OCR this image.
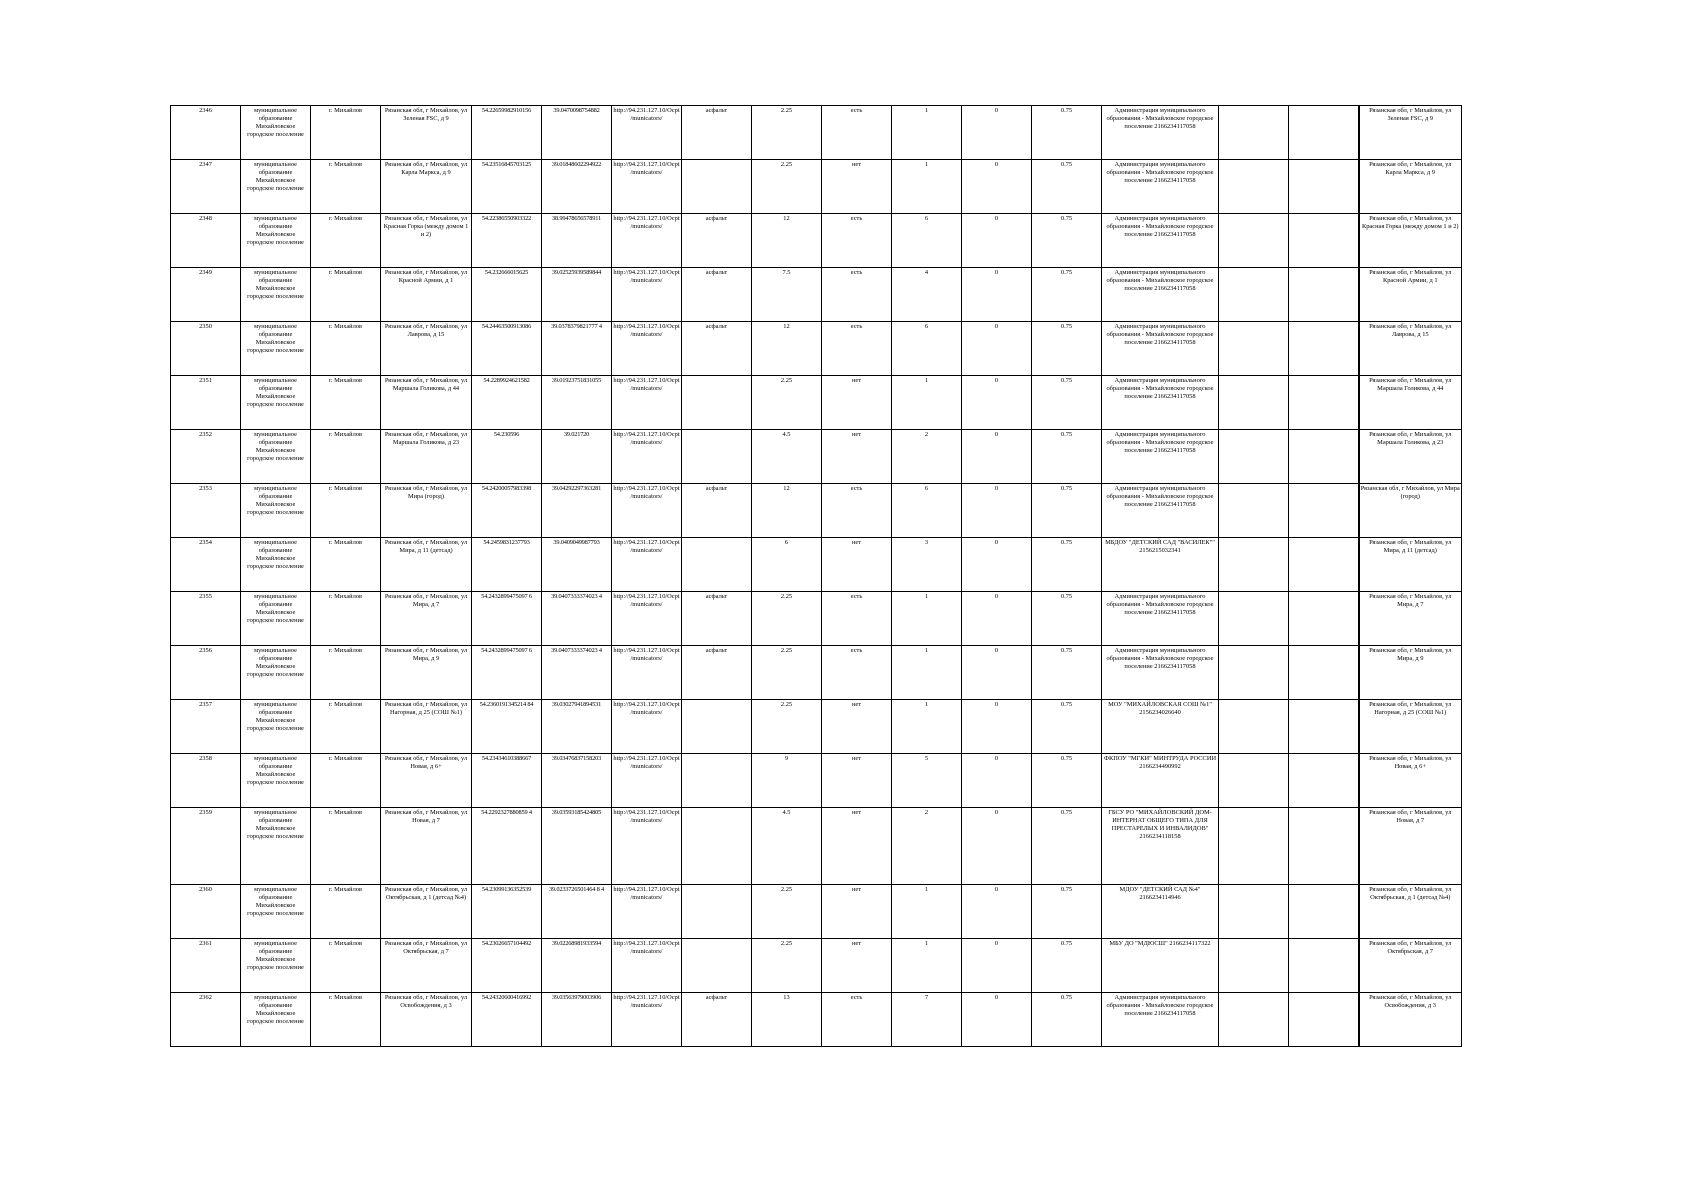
2346	муниципальное образование Михайловское городское поселение	г. Михайлов	Рязанская обл, г Михайлов, ул Зеленая FSC, д 9	54.22659982910156	39.0470098754882	http://94.231.127.10/Ocpt/municators/	асфальт	2.25	есть	1	0	0.75	Администрация муниципального образования - Михайловское городское поселение 2166234117058			Рязанская обл, г Михайлов, ул Зеленая FSC, д 9
2347	муниципальное образование Михайловское городское поселение	г. Михайлов	Рязанская обл, г Михайлов, ул Карла Маркса, д 9	54.23516845703125	39.01848602294922	http://94.231.127.10/Ocpt/municators/		2.25	нет	1	0	0.75	Администрация муниципального образования - Михайловское городское поселение 2166234117058			Рязанская обл, г Михайлов, ул Карла Маркса, д 9
2348	муниципальное образование Михайловское городское поселение	г. Михайлов	Рязанская обл, г Михайлов, ул Красная Горка (между домом 1 и 2)	54.22386550903322	38.99478656578911	http://94.231.127.10/Ocpt/municators/	асфальт	12	есть	6	0	0.75	Администрация муниципального образования - Михайловское городское поселение 2166234117058			Рязанская обл, г Михайлов, ул Красная Горка (между домом 1 и 2)
2349	муниципальное образование Михайловское городское поселение	г. Михайлов	Рязанская обл, г Михайлов, ул Красной Армии, д 1	54.232666015625	39.02525939589844	http://94.231.127.10/Ocpt/municators/	асфальт	7.5	есть	4	0	0.75	Администрация муниципального образования - Михайловское городское поселение 2166234117058			Рязанская обл, г Михайлов, ул Красной Армии, д 1
2350	муниципальное образование Михайловское городское поселение	г. Михайлов	Рязанская обл, г Михайлов, ул Лаврова, д 15	54.24463500913086	39.0378379821777 4	http://94.231.127.10/Ocpt/municators/	асфальт	12	есть	6	0	0.75	Администрация муниципального образования - Михайловское городское поселение 2166234117058			Рязанская обл, г Михайлов, ул Лаврова, д 15
2351	муниципальное образование Михайловское городское поселение	г. Михайлов	Рязанская обл, г Михайлов, ул Маршала Голикова, д 44	54.2289924621582	39.01923751831055	http://94.231.127.10/Ocpt/municators/		2.25	нет	1	0	0.75	Администрация муниципального образования - Михайловское городское поселение 2166234117058			Рязанская обл, г Михайлов, ул Маршала Голикова, д 44
2352	муниципальное образование Михайловское городское поселение	г. Михайлов	Рязанская обл, г Михайлов, ул Маршала Голикова, д 23	54.230596	39.021720	http://94.231.127.10/Ocpt/municators/		4.5	нет	2	0	0.75	Администрация муниципального образования - Михайловское городское поселение 2166234117058			Рязанская обл, г Михайлов, ул Маршала Голикова, д 23
2353	муниципальное образование Михайловское городское поселение	г. Михайлов	Рязанская обл, г Михайлов, ул Мира (город)	54.24200057983398	39.04292297363281	http://94.231.127.10/Ocpt/municators/	асфальт	12	есть	6	0	0.75	Администрация муниципального образования - Михайловское городское поселение 2166234117058			Рязанская обл, г Михайлов, ул Мира (город)
2354	муниципальное образование Михайловское городское поселение	г. Михайлов	Рязанская обл, г Михайлов, ул Мира, д 11 (детсад)	54.2459831237793	39.0409049987793	http://94.231.127.10/Ocpt/municators/		6	нет	3	0	0.75	МБДОУ "ДЕТСКИЙ САД "ВАСИЛЕК"" 2156215032341			Рязанская обл, г Михайлов, ул Мира, д 11 (детсад)
2355	муниципальное образование Михайловское городское поселение	г. Михайлов	Рязанская обл, г Михайлов, ул Мира, д 7	54.2432899475097 6	39.0407333374023 4	http://94.231.127.10/Ocpt/municators/	асфальт	2.25	есть	1	0	0.75	Администрация муниципального образования - Михайловское городское поселение 2166234117058			Рязанская обл, г Михайлов, ул Мира, д 7
2356	муниципальное образование Михайловское городское поселение	г. Михайлов	Рязанская обл, г Михайлов, ул Мира, д 9	54.2432899475097 6	39.0407333374023 4	http://94.231.127.10/Ocpt/municators/	асфальт	2.25	есть	1	0	0.75	Администрация муниципального образования - Михайловское городское поселение 2166234117058			Рязанская обл, г Михайлов, ул Мира, д 9
2357	муниципальное образование Михайловское городское поселение	г. Михайлов	Рязанская обл, г Михайлов, ул Нагорная, д 25 (СОШ №1)	54.2360191345214 84	39.03027941894531	http://94.231.127.10/Ocpt/municators/		2.25	нет	1	0	0.75	МОУ "МИХАЙЛОВСКАЯ СОШ №1" 2156234026640			Рязанская обл, г Михайлов, ул Нагорная, д 25 (СОШ №1)
2358	муниципальное образование Михайловское городское поселение	г. Михайлов	Рязанская обл, г Михайлов, ул Новая, д 6+	54.23434610388667	39.03476837158203	http://94.231.127.10/Ocpt/municators/		9	нет	5	0	0.75	ФКПОУ "МГКИ" МИНТРУДА РОССИИ 2166234490992			Рязанская обл, г Михайлов, ул Новая, д 6+
2359	муниципальное образование Михайловское городское поселение	г. Михайлов	Рязанская обл, г Михайлов, ул Новая, д 7	54.2292327880859 4	39.03593185424805	http://94.231.127.10/Ocpt/municators/		4.5	нет	2	0	0.75	ГБСУ РО "МИХАЙЛОВСКИЙ ДОМ-ИНТЕРНАТ ОБЩЕГО ТИПА ДЛЯ ПРЕСТАРЕЛЫХ И ИНВАЛИДОВ" 2166234118158			Рязанская обл, г Михайлов, ул Новая, д 7
2360	муниципальное образование Михайловское городское поселение	г. Михайлов	Рязанская обл, г Михайлов, ул Октябрьская, д 1 (детсад №4)	54.23099136352539	39.0233726501464 8 4	http://94.231.127.10/Ocpt/municators/		2.25	нет	1	0	0.75	МДОУ "ДЕТСКИЙ САД №4" 2166234114946			Рязанская обл, г Михайлов, ул Октябрьская, д 1 (детсад №4)
2361	муниципальное образование Михайловское городское поселение	г. Михайлов	Рязанская обл, г Михайлов, ул Октябрьская, д 7	54.23026657104492	39.02268981933594	http://94.231.127.10/Ocpt/municators/		2.25	нет	1	0	0.75	МБУ ДО "МДЮСШ" 2166234117322			Рязанская обл, г Михайлов, ул Октябрьская, д 7
2362	муниципальное образование Михайловское городское поселение	г. Михайлов	Рязанская обл, г Михайлов, ул Освобождения, д 3	54.24320600416992	39.03563979003906	http://94.231.127.10/Ocpt/municators/	асфальт	13	есть	7	0	0.75	Администрация муниципального образования - Михайловское городское поселение 2166234117058			Рязанская обл, г Михайлов, ул Освобождения, д 3
